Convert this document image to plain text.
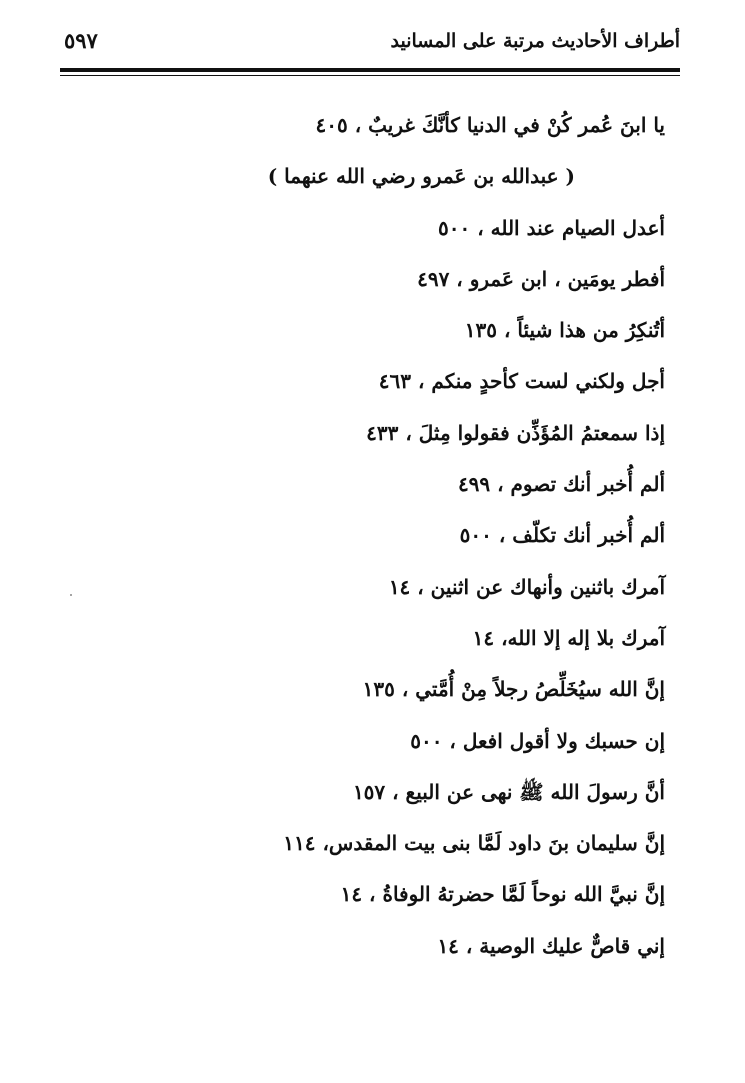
أطراف الأحاديث مرتبة على المسانيد
٥٩٧
يا ابنَ عُمر كُنْ في الدنيا كأنَّكَ غريبٌ ، ٤٠٥
( عبدالله بن عَمرو رضي الله عنهما )
أعدل الصيام عند الله ، ٥٠٠
أفطر يومَين ، ابن عَمرو ، ٤٩٧
أتُنكِرُ من هذا شيئاً ، ١٣٥
أجل ولكني لست كأحدٍ منكم ، ٤٦٣
إذا سمعتمُ المُؤَذِّن فقولوا مِثلَ ، ٤٣٣
ألم أُخبر أنك تصوم ، ٤٩٩
ألم أُخبر أنك تكلّف ، ٥٠٠
آمرك باثنين وأنهاك عن اثنين ، ١٤
آمرك بلا إله إلا الله، ١٤
إنَّ الله سيُخَلِّصُ رجلاً مِنْ أُمَّتي ، ١٣٥
إن حسبك ولا أقول افعل ، ٥٠٠
أنَّ رسولَ الله ﷺ نهى عن البيع ، ١٥٧
إنَّ سليمان بنَ داود لَمَّا بنى بيت المقدس، ١١٤
إنَّ نبيَّ الله نوحاً لَمَّا حضرتهُ الوفاةُ ، ١٤
إني قاصٌّ عليك الوصية ، ١٤
